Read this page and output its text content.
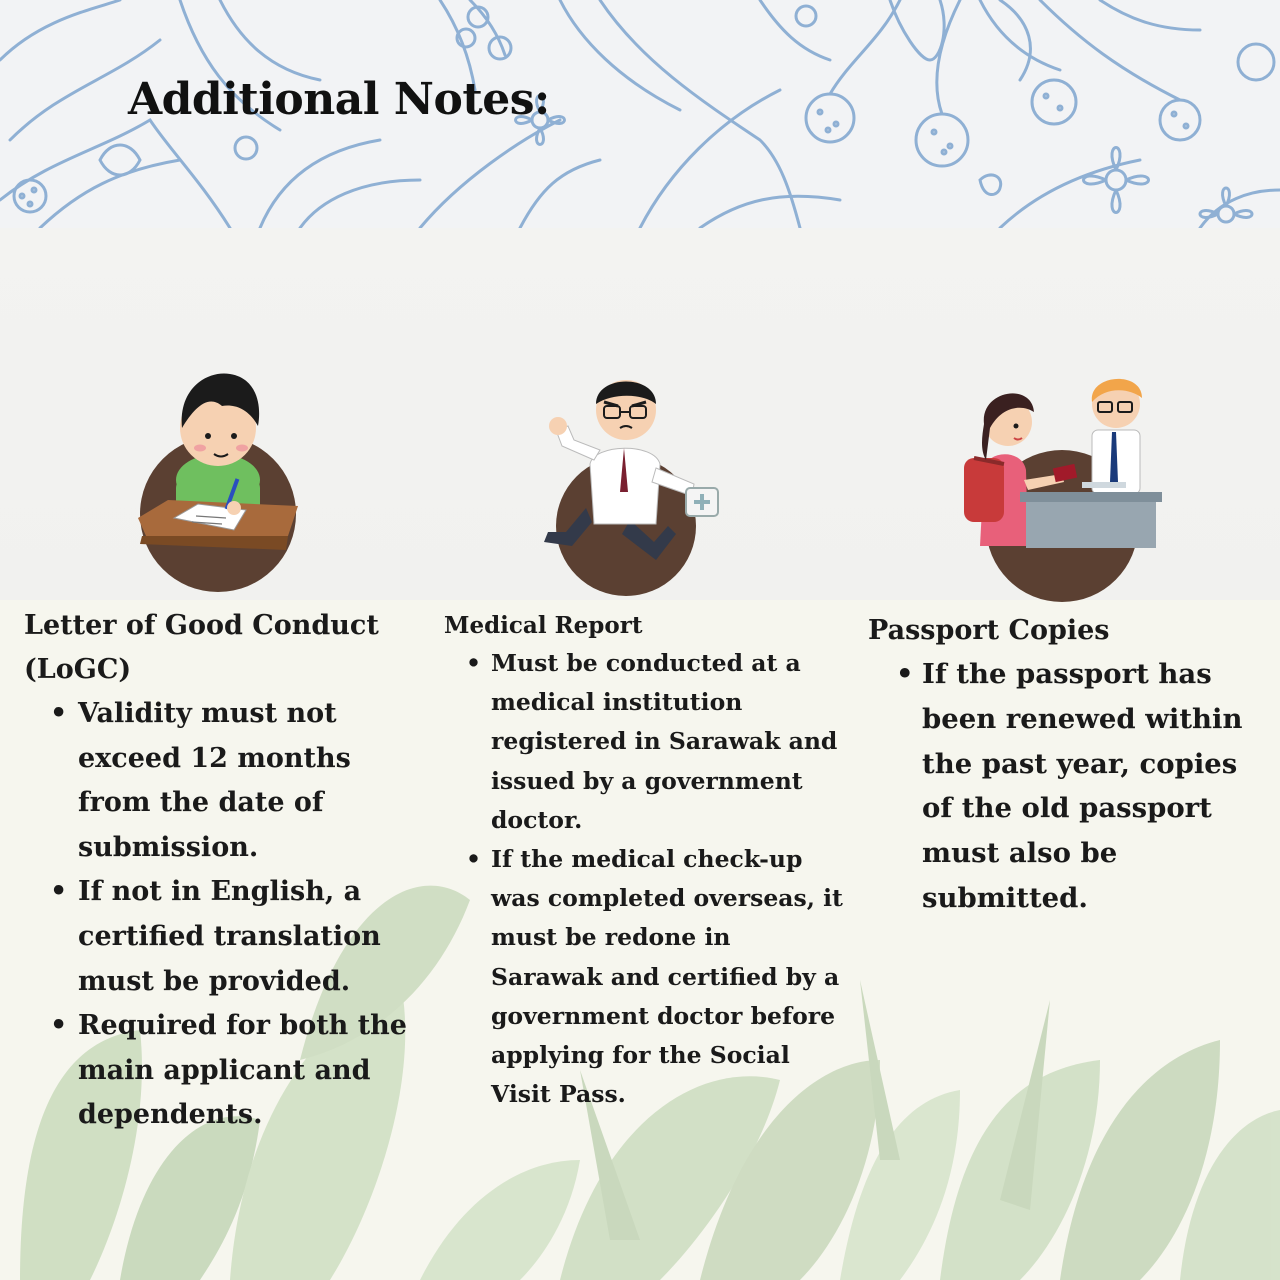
Additional Notes:

Letter of Good Conduct
(LoGC)

• Validity must not exceed 12 months from the date of submission.
• If not in English, a certified translation must be provided.
• Required for both the main applicant and dependents.

Medical Report

• Must be conducted at a medical institution registered in Sarawak and issued by a government doctor.
• If the medical check-up was completed overseas, it must be redone in Sarawak and certified by a government doctor before applying for the Social Visit Pass.

Passport Copies

• If the passport has been renewed within the past year, copies of the old passport must also be submitted.
